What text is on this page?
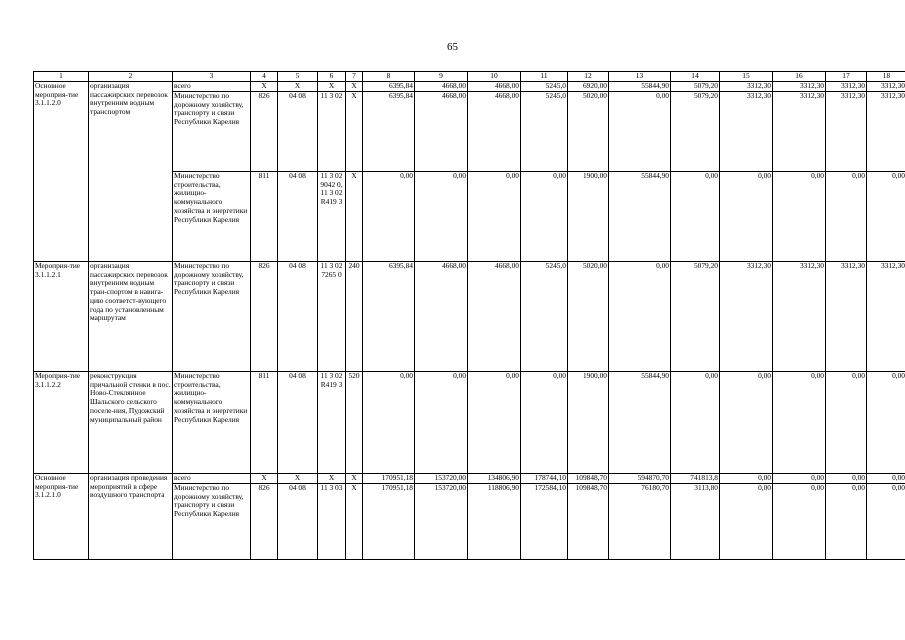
65
1	2	3	4	5	6	7	8	9	10	11	12	13	14	15	16	17	18
Основное мероприя-тие 3.1.1.2.0	организация пассажирских перевозок внутренним водным транспортом	всего	Х	Х	Х	Х	6395,84	4668,00	4668,00	5245,0	6920,00	55844,90	5079,20	3312,30	3312,30	3312,30	3312,30
		Министерство по дорожному хозяйству, транспорту и связи Республики Карелия	826	04 08	11 3 02	Х	6395,84	4668,00	4668,00	5245,0	5020,00	0,00	5079,20	3312,30	3312,30	3312,30	3312,30
		Министерство строительства, жилищно-коммунального хозяйства и энергетики Республики Карелия	811	04 08	11 3 02 9042 0, 11 3 02 R419 3	Х	0,00	0,00	0,00	0,00	1900,00	55844,90	0,00	0,00	0,00	0,00	0,00
Мероприя-тие 3.1.1.2.1	организация пассажирских перевозок внутренним водным тран-спортом в навига-цию соответст-вующего года по установленным маршрутам	Министерство по дорожному хозяйству, транспорту и связи Республики Карелия	826	04 08	11 3 02 7265 0	240	6395,84	4668,00	4668,00	5245,0	5020,00	0,00	5079,20	3312,30	3312,30	3312,30	3312,30
Мероприя-тие 3.1.1.2.2	реконструкция причальной стенки в пос. Ново-Стеклянное Шальского сельского поселе-ния, Пудожский муниципальный район	Министерство строительства, жилищно-коммунального хозяйства и энергетики Республики Карелия	811	04 08	11 3 02 R419 3	520	0,00	0,00	0,00	0,00	1900,00	55844,90	0,00	0,00	0,00	0,00	0,00
Основное мероприя-тие 3.1.2.1.0	организация проведения мероприятий в сфере воздушного транспорта	всего	Х	Х	Х	Х	170951,18	153720,00	134806,90	178744,10	109848,70	594870,70	741813,8	0,00	0,00	0,00	0,00
		Министерство по дорожному хозяйству, транспорту и связи Республики Карелия	826	04 08	11 3 03	Х	170951,18	153720,00	118806,90	172584,10	109848,70	76180,70	3113,80	0,00	0,00	0,00	0,00
